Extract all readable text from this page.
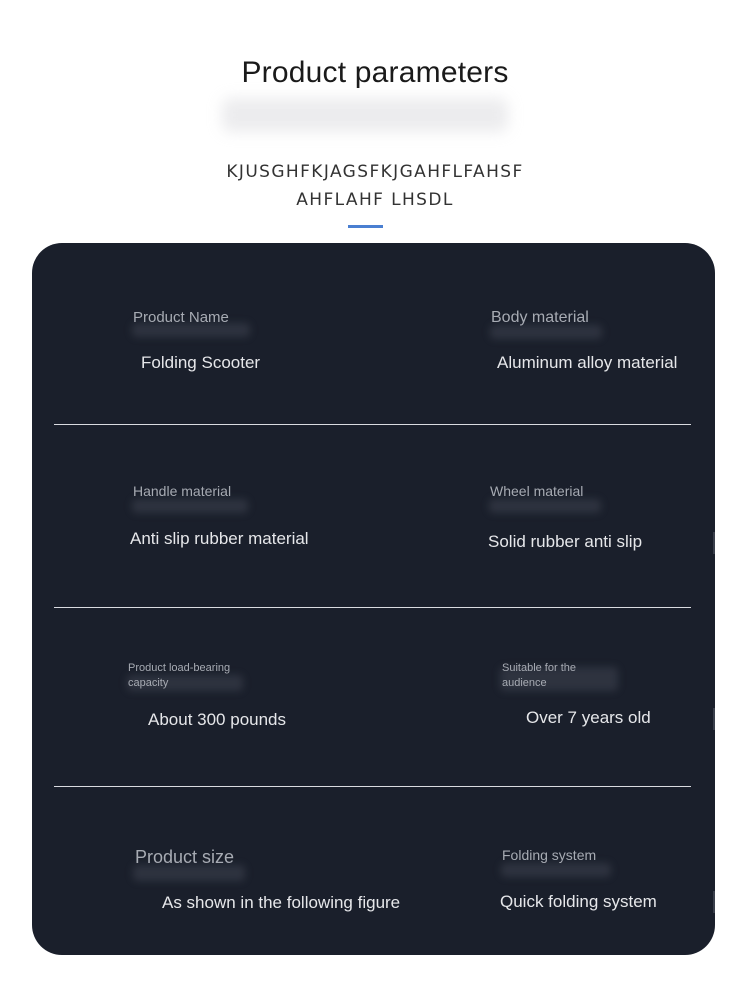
Product parameters
KJUSGHFKJAGSFKJGAHFLFAHSF
AHFLAHF LHSDL
Product Name
Folding Scooter
Body material
Aluminum alloy material
Handle material
Anti slip rubber material
Wheel material
Solid rubber anti slip
Product load-bearing capacity
About 300 pounds
Suitable for the audience
Over 7 years old
Product size
As shown in the following figure
Folding system
Quick folding system
